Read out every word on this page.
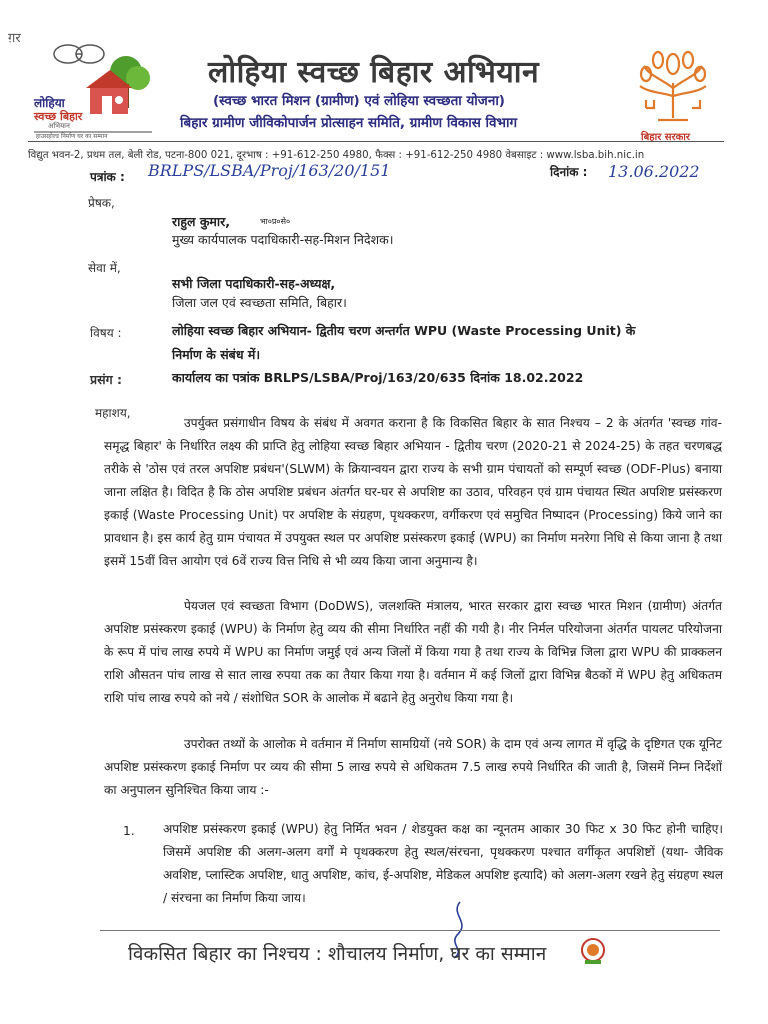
ग़र
लोहिया
स्वच्छ बिहार
अभियान
हाउसहोल्ड निर्माण घर का सम्मान
लोहिया स्वच्छ बिहार अभियान
(स्वच्छ भारत मिशन (ग्रामीण) एवं लोहिया स्वच्छता योजना)
बिहार ग्रामीण जीविकोपार्जन प्रोत्साहन समिति, ग्रामीण विकास विभाग
बिहार सरकार
विद्युत भवन-2, प्रथम तल, बेली रोड, पटना-800 021, दूरभाष : +91-612-250 4980, फैक्स : +91-612-250 4980 वेबसाइट : www.lsba.bih.nic.in
पत्रांक : BRLPS/LSBA/Proj/163/20/151	दिनांक : 13.06.2022
प्रेषक,
राहुल कुमार,	भा०प्र०से०
मुख्य कार्यपालक पदाधिकारी-सह-मिशन निदेशक।
सेवा में,
सभी जिला पदाधिकारी-सह-अध्यक्ष,
जिला जल एवं स्वच्छता समिति, बिहार।
विषय :	लोहिया स्वच्छ बिहार अभियान- द्वितीय चरण अन्तर्गत WPU (Waste Processing Unit) के
निर्माण के संबंध में।
प्रसंग :	कार्यालय का पत्रांक BRLPS/LSBA/Proj/163/20/635 दिनांक 18.02.2022
महाशय,
उपर्युक्त प्रसंगाधीन विषय के संबंध में अवगत कराना है कि विकसित बिहार के सात निश्चय – 2 के अंतर्गत 'स्वच्छ गांव-समृद्ध बिहार' के निर्धारित लक्ष्य की प्राप्ति हेतु लोहिया स्वच्छ बिहार अभियान - द्वितीय चरण (2020-21 से 2024-25) के तहत चरणबद्ध तरीके से 'ठोस एवं तरल अपशिष्ट प्रबंधन'(SLWM) के क्रियान्वयन द्वारा राज्य के सभी ग्राम पंचायतों को सम्पूर्ण स्वच्छ (ODF-Plus) बनाया जाना लक्षित है। विदित है कि ठोस अपशिष्ट प्रबंधन अंतर्गत घर-घर से अपशिष्ट का उठाव, परिवहन एवं ग्राम पंचायत स्थित अपशिष्ट प्रसंस्करण इकाई (Waste Processing Unit) पर अपशिष्ट के संग्रहण, पृथक्करण, वर्गीकरण एवं समुचित निष्पादन (Processing) किये जाने का प्रावधान है। इस कार्य हेतु ग्राम पंचायत में उपयुक्त स्थल पर अपशिष्ट प्रसंस्करण इकाई (WPU) का निर्माण मनरेगा निधि से किया जाना है तथा इसमें 15वीं वित्त आयोग एवं 6वें राज्य वित्त निधि से भी व्यय किया जाना अनुमान्य है।
पेयजल एवं स्वच्छता विभाग (DoDWS), जलशक्ति मंत्रालय, भारत सरकार द्वारा स्वच्छ भारत मिशन (ग्रामीण) अंतर्गत अपशिष्ट प्रसंस्करण इकाई (WPU) के निर्माण हेतु व्यय की सीमा निर्धारित नहीं की गयी है। नीर निर्मल परियोजना अंतर्गत पायलट परियोजना के रूप में पांच लाख रुपये में WPU का निर्माण जमुई एवं अन्य जिलों में किया गया है तथा राज्य के विभिन्न जिला द्वारा WPU की प्राक्कलन राशि औसतन पांच लाख से सात लाख रुपया तक का तैयार किया गया है। वर्तमान में कई जिलों द्वारा विभिन्न बैठकों में WPU हेतु अधिकतम राशि पांच लाख रुपये को नये / संशोधित SOR के आलोक में बढाने हेतु अनुरोध किया गया है।
उपरोक्त तथ्यों के आलोक मे वर्तमान में निर्माण सामग्रियों (नये SOR) के दाम एवं अन्य लागत में वृद्धि के दृष्टिगत एक यूनिट अपशिष्ट प्रसंस्करण इकाई निर्माण पर व्यय की सीमा 5 लाख रुपये से अधिकतम 7.5 लाख रुपये निर्धारित की जाती है, जिसमें निम्न निर्देशों का अनुपालन सुनिश्चित किया जाय :-
1. अपशिष्ट प्रसंस्करण इकाई (WPU) हेतु निर्मित भवन / शेडयुक्त कक्ष का न्यूनतम आकार 30 फिट x 30 फिट होनी चाहिए। जिसमें अपशिष्ट की अलग-अलग वर्गों मे पृथक्करण हेतु स्थल/संरचना, पृथक्करण पश्चात वर्गीकृत अपशिष्टों (यथा- जैविक अवशिष्ट, प्लास्टिक अपशिष्ट, धातु अपशिष्ट, कांच, ई-अपशिष्ट, मेडिकल अपशिष्ट इत्यादि) को अलग-अलग रखने हेतु संग्रहण स्थल / संरचना का निर्माण किया जाय।
विकसित बिहार का निश्चय : शौचालय निर्माण, घर का सम्मान
